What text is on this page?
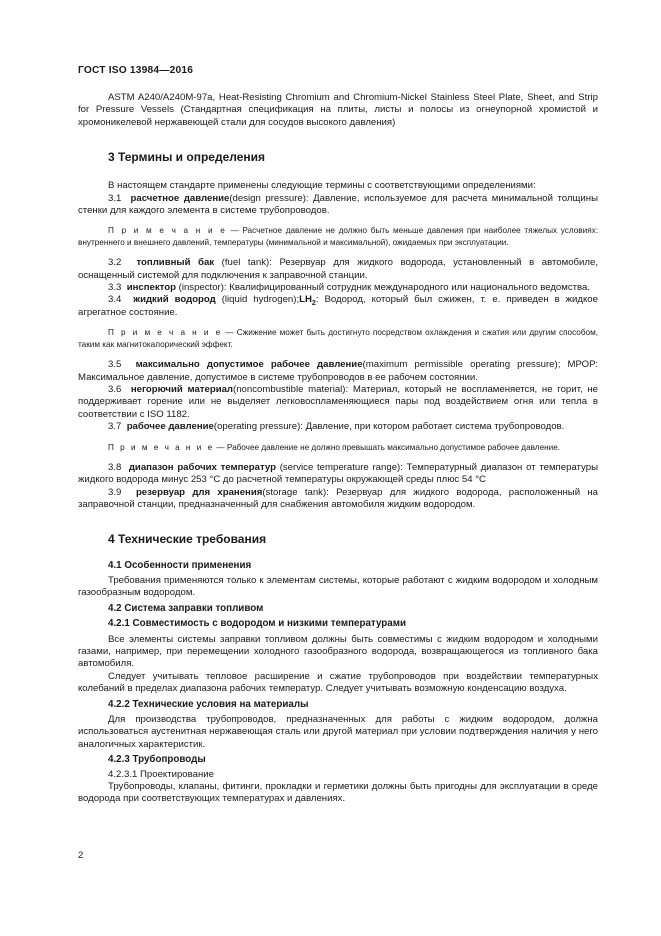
ГОСТ ISO 13984—2016

ASTM A240/A240M-97a, Heat-Resisting Chromium and Chromium-Nickel Stainless Steel Plate, Sheet, and Strip for Pressure Vessels (Стандартная спецификация на плиты, листы и полосы из огнеупорной хромистой и хромоникелевой нержавеющей стали для сосудов высокого давления)

3 Термины и определения

В настоящем стандарте применены следующие термины с соответствующими определениями:

3.1 расчетное давление(design pressure): Давление, используемое для расчета минимальной толщины стенки для каждого элемента в системе трубопроводов.

П р и м е ч а н и е — Расчетное давление не должно быть меньше давления при наиболее тяжелых условиях: внутреннего и внешнего давлений, температуры (минимальной и максимальной), ожидаемых при эксплуатации.

3.2 топливный бак (fuel tank): Резервуар для жидкого водорода, установленный в автомобиле, оснащенный системой для подключения к заправочной станции.

3.3 инспектор (inspector): Квалифицированный сотрудник международного или национального ведомства.

3.4 жидкий водород (liquid $hydrogen);LH_2$: Водород, который был сжижен, т. е. приведен в жидкое агрегатное состояние.

П р и м е ч а н и е — Сжижение может быть достигнуто посредством охлаждения и сжатия или другим способом, таким как магнитокалорический эффект.

3.5 максимально допустимое рабочее давление(maximum permissible operating pressure); МРОР: Максимальное давление, допустимое в системе трубопроводов в ее рабочем состоянии.

3.6 негорючий материал(noncombustible material): Материал, который не воспламеняется, не горит, не поддерживает горение или не выделяет легковоспламеняющиеся пары под воздействием огня или тепла в соответствии с ISO 1182.

3.7 рабочее давление(operating pressure): Давление, при котором работает система трубопроводов.

П р и м е ч а н и е — Рабочее давление не должно превышать максимально допустимое рабочее давление.

3.8 диапазон рабочих температур (service temperature range): Температурный диапазон от температуры жидкого водорода минус 253 °С до расчетной температуры окружающей среды плюс 54 °С

3.9 резервуар для хранения(storage tank): Резервуар для жидкого водорода, расположенный на заправочной станции, предназначенный для снабжения автомобиля жидким водородом.

4 Технические требования
4.1 Особенности применения

Требования применяются только к элементам системы, которые работают с жидким водородом и холодным газообразным водородом.

4.2 Система заправки топливом
4.2.1 Совместимость с водородом и низкими температурами

Все элементы системы заправки топливом должны быть совместимы с жидким водородом и холодными газами, например, при перемещении холодного газообразного водорода, возвращающегося из топливного бака автомобиля.

Следует учитывать тепловое расширение и сжатие трубопроводов при воздействии температурных колебаний в пределах диапазона рабочих температур. Следует учитывать возможную конденсацию воздуха.

4.2.2 Технические условия на материалы

Для производства трубопроводов, предназначенных для работы с жидким водородом, должна использоваться аустенитная нержавеющая сталь или другой материал при условии подтверждения наличия у него аналогичных характеристик.

4.2.3 Трубопроводы

4.2.3.1 Проектирование

Трубопроводы, клапаны, фитинги, прокладки и герметики должны быть пригодны для эксплуатации в среде водорода при соответствующих температурах и давлениях.

2
